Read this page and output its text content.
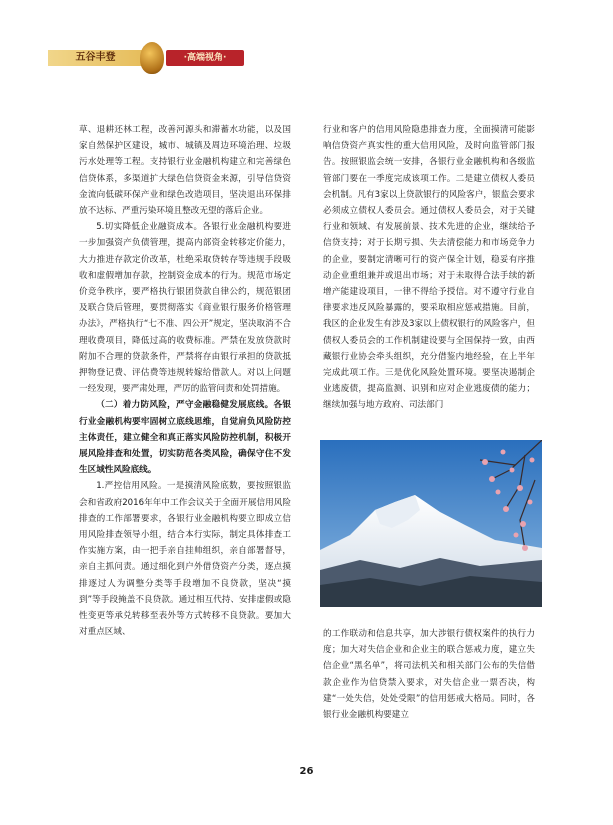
五谷丰登	·高端视角·

草、退耕还林工程，改善河源头和滞蓄水功能，以及国家自然保护区建设，城市、城镇及周边环境治理、垃圾污水处理等工程。支持银行业金融机构建立和完善绿色信贷体系，多渠道扩大绿色信贷资金来源，引导信贷资金流向低碳环保产业和绿色改造项目，坚决退出环保排放不达标、严重污染环境且整改无望的落后企业。

5.切实降低企业融资成本。各银行业金融机构要进一步加强资产负债管理，提高内部资金转移定价能力，大力推进存款定价改革，杜绝采取贷转存等违规手段吸收和虚假增加存款，控制资金成本的行为。规范市场定价竞争秩序，要严格执行银团贷款自律公约，规范银团及联合贷后管理，要贯彻落实《商业银行服务价格管理办法》，严格执行“七不准、四公开”规定，坚决取消不合理收费项目，降低过高的收费标准。严禁在发放贷款时附加不合理的贷款条件，严禁将存由银行承担的贷款抵押物登记费、评估费等违规转嫁给借款人。对以上问题一经发现，要严肃处理，严厉的监管问责和处罚措施。

（二）着力防风险，严守金融稳健发展底线。各银行业金融机构要牢固树立底线思维，自觉肩负风险防控主体责任，建立健全和真正落实风险防控机制，积极开展风险排查和处置，切实防范各类风险，确保守住不发生区域性风险底线。

1.严控信用风险。一是摸清风险底数，要按照银监会和省政府2016年年中工作会议关于全面开展信用风险排查的工作部署要求，各银行业金融机构要立即成立信用风险排查领导小组，结合本行实际，制定具体排查工作实施方案，由一把手亲自挂帅组织，亲自部署督导，亲自主抓问责。通过细化到户外借贷资产分类，逐点摸排逐过人为调整分类等手段增加不良贷款，坚决“摸到”等手段掩盖不良贷款。通过相互代持、安排虚假或隐性变更等承兑转移至表外等方式转移不良贷款。要加大对重点区域、

行业和客户的信用风险隐患排查力度，全面摸清可能影响信贷资产真实性的重大信用风险，及时向监管部门报告。按照银监会统一安排，各银行业金融机构和各级监管部门要在一季度完成该项工作。二是建立债权人委员会机制。凡有3家以上贷款银行的风险客户，银监会要求必须成立债权人委员会。通过债权人委员会，对于关键行业和领域、有发展前景、技术先进的企业，继续给予信贷支持；对于长期亏损、失去清偿能力和市场竞争力的企业，要制定清晰可行的资产保全计划，稳妥有序推动企业重组兼并或退出市场；对于未取得合法手续的新增产能建设项目，一律不得给予授信。对不遵守行业自律要求违反风险暴露的，要采取相应惩戒措施。目前，我区的企业发生有涉及3家以上债权银行的风险客户，但债权人委员会的工作机制建设要与全国保持一致，由西藏银行业协会牵头组织，充分借鉴内地经验，在上半年完成此项工作。三是优化风险处置环境。要坚决遏制企业逃废债，提高监测、识别和应对企业逃废债的能力；继续加强与地方政府、司法部门

的工作联动和信息共享，加大涉银行债权案件的执行力度；加大对失信企业和企业主的联合惩戒力度，建立失信企业“黑名单”，将司法机关和相关部门公布的失信借款企业作为信贷禁入要求，对失信企业一票否决，构建“一处失信，处处受限”的信用惩戒大格局。同时，各银行业金融机构要建立

26
